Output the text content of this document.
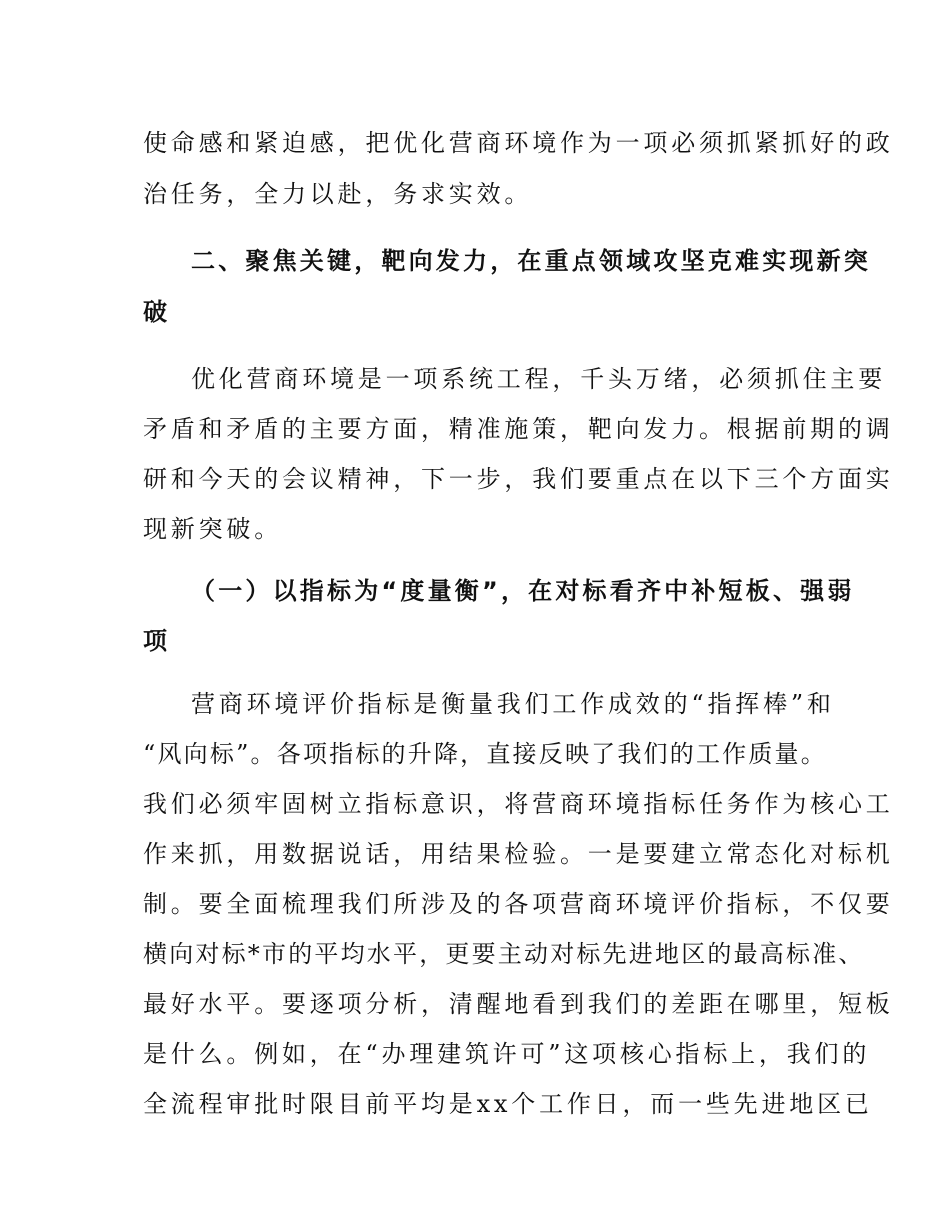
使命感和紧迫感，把优化营商环境作为一项必须抓紧抓好的政
治任务，全力以赴，务求实效。
二、聚焦关键，靶向发力，在重点领域攻坚克难实现新突
破
优化营商环境是一项系统工程，千头万绪，必须抓住主要
矛盾和矛盾的主要方面，精准施策，靶向发力。根据前期的调
研和今天的会议精神，下一步，我们要重点在以下三个方面实
现新突破。
（一）以指标为“度量衡”，在对标看齐中补短板、强弱
项
营商环境评价指标是衡量我们工作成效的“指挥棒”和
“风向标”。各项指标的升降，直接反映了我们的工作质量。
我们必须牢固树立指标意识，将营商环境指标任务作为核心工
作来抓，用数据说话，用结果检验。一是要建立常态化对标机
制。要全面梳理我们所涉及的各项营商环境评价指标，不仅要
横向对标*市的平均水平，更要主动对标先进地区的最高标准、
最好水平。要逐项分析，清醒地看到我们的差距在哪里，短板
是什么。例如，在“办理建筑许可”这项核心指标上，我们的
全流程审批时限目前平均是xx个工作日，而一些先进地区已
